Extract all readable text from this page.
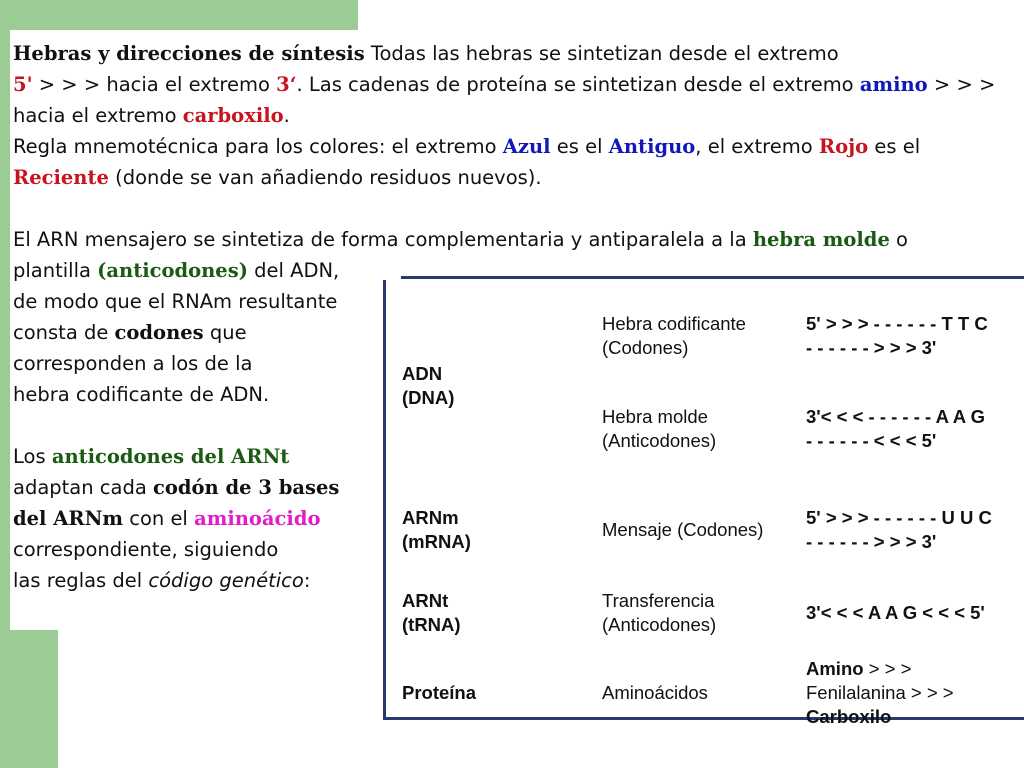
Hebras y direcciones de síntesis Todas las hebras se sintetizan desde el extremo
5' > > > hacia el extremo 3‘. Las cadenas de proteína se sintetizan desde el extremo amino > > >
hacia el extremo carboxilo.
Regla mnemotécnica para los colores: el extremo Azul es el Antiguo, el extremo Rojo es el
Reciente (donde se van añadiendo residuos nuevos).

El ARN mensajero se sintetiza de forma complementaria y antiparalela a la hebra molde o
plantilla (anticodones) del ADN,
de modo que el RNAm resultante
consta de codones que
corresponden a los de la
hebra codificante de ADN.

Los anticodones del ARNt
adaptan cada codón de 3 bases
del ARNm con el aminoácido
correspondiente, siguiendo
las reglas del código genético:
ADN
(DNA)	Hebra codificante (Codones)	5' > > > - - - - - - T T C - - - - - - > > > 3'
	Hebra molde (Anticodones)	3'< < < - - - - - - A A G - - - - - - < < < 5'
ARNm
(mRNA)	Mensaje (Codones)	5' > > > - - - - - - U U C - - - - - - > > > 3'
ARNt
(tRNA)	Transferencia (Anticodones)	3'< < < A A G < < < 5'
Proteína	Aminoácidos	Amino > > > Fenilalanina > > > Carboxilo
